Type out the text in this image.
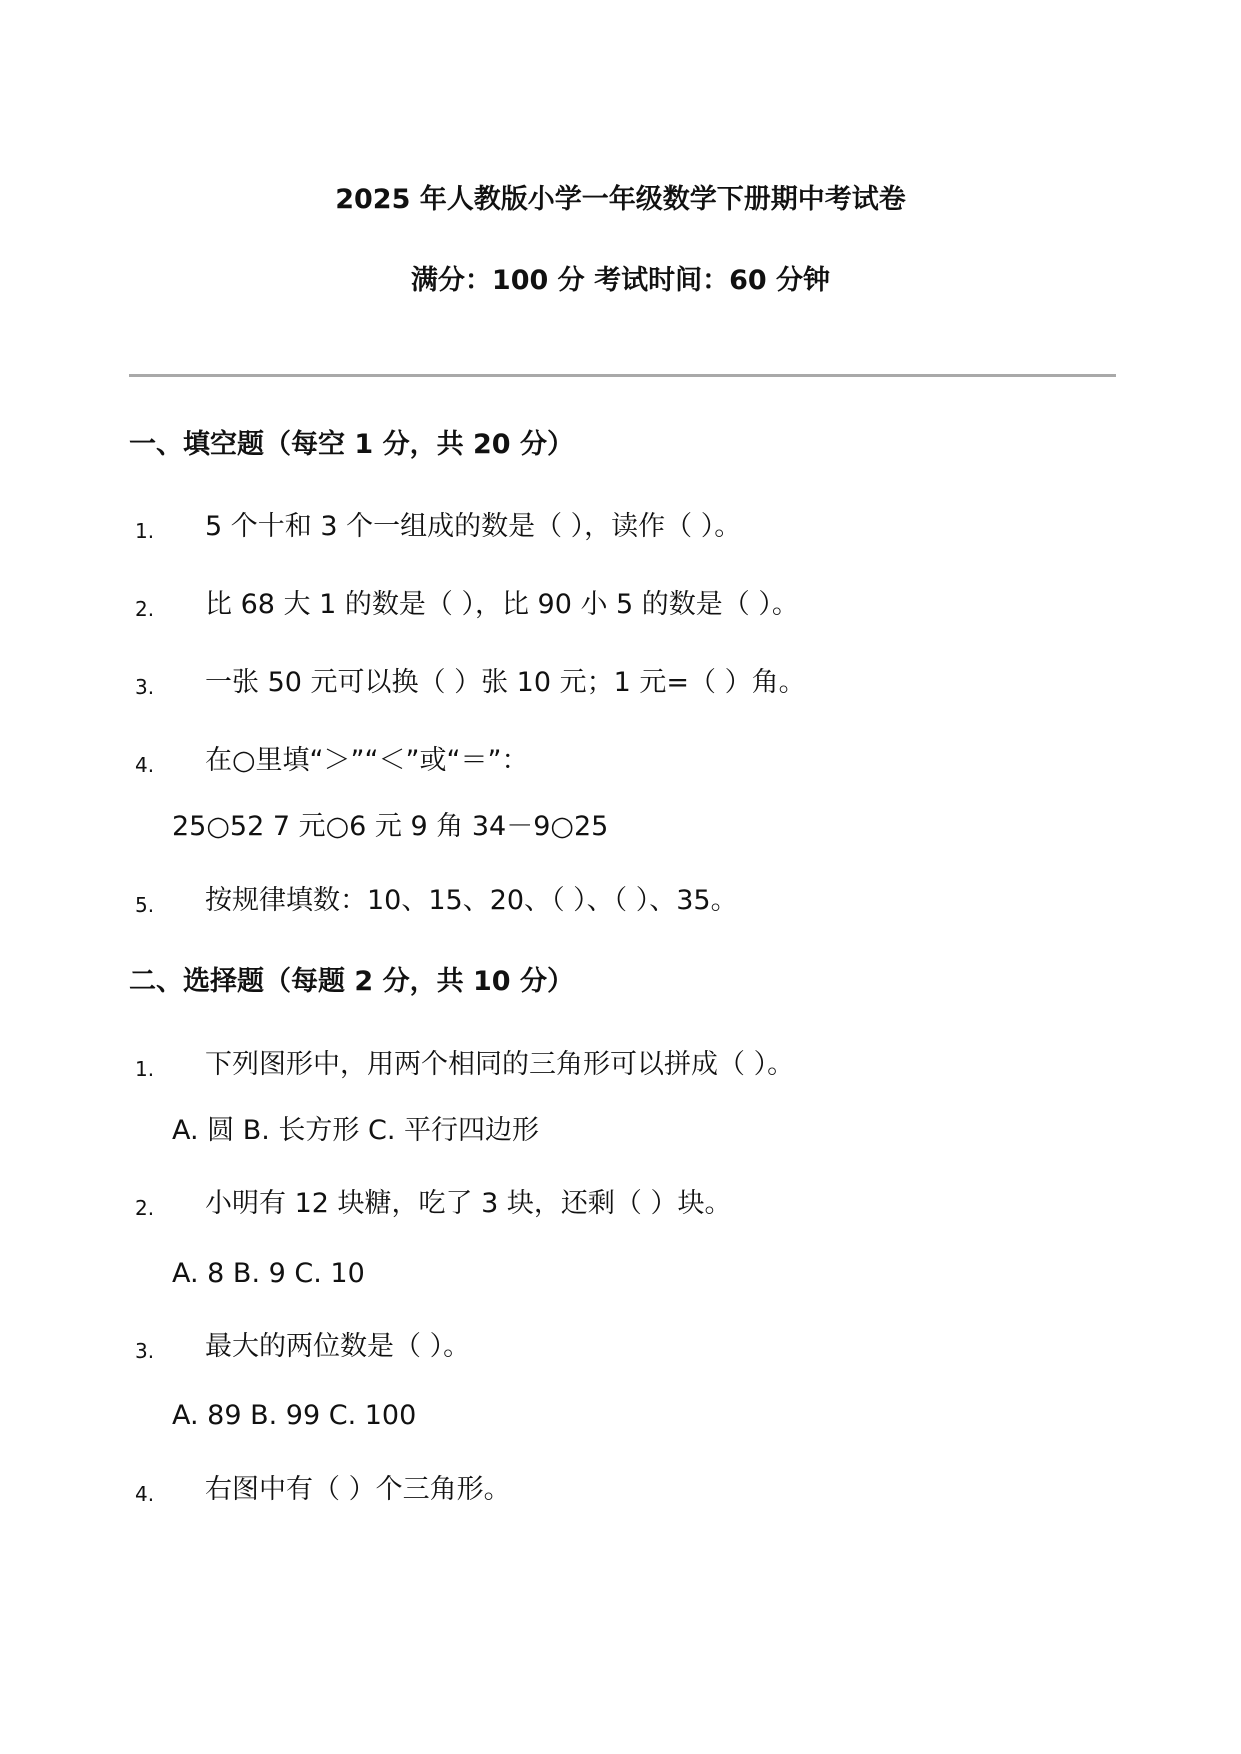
2025 年人教版小学一年级数学下册期中考试卷
满分：100 分 考试时间：60 分钟
一、填空题（每空 1 分，共 20 分）
1. 5 个十和 3 个一组成的数是（ ），读作（ ）。
2. 比 68 大 1 的数是（ ），比 90 小 5 的数是（ ）。
3. 一张 50 元可以换（ ）张 10 元；1 元=（ ）角。
4. 在○里填“＞”“＜”或“＝”：
25○52 7 元○6 元 9 角 34－9○25
5. 按规律填数：10、15、20、（ ）、（ ）、35。
二、选择题（每题 2 分，共 10 分）
1. 下列图形中，用两个相同的三角形可以拼成（ ）。
A. 圆 B. 长方形 C. 平行四边形
2. 小明有 12 块糖，吃了 3 块，还剩（ ）块。
A. 8 B. 9 C. 10
3. 最大的两位数是（ ）。
A. 89 B. 99 C. 100
4. 右图中有（ ）个三角形。
